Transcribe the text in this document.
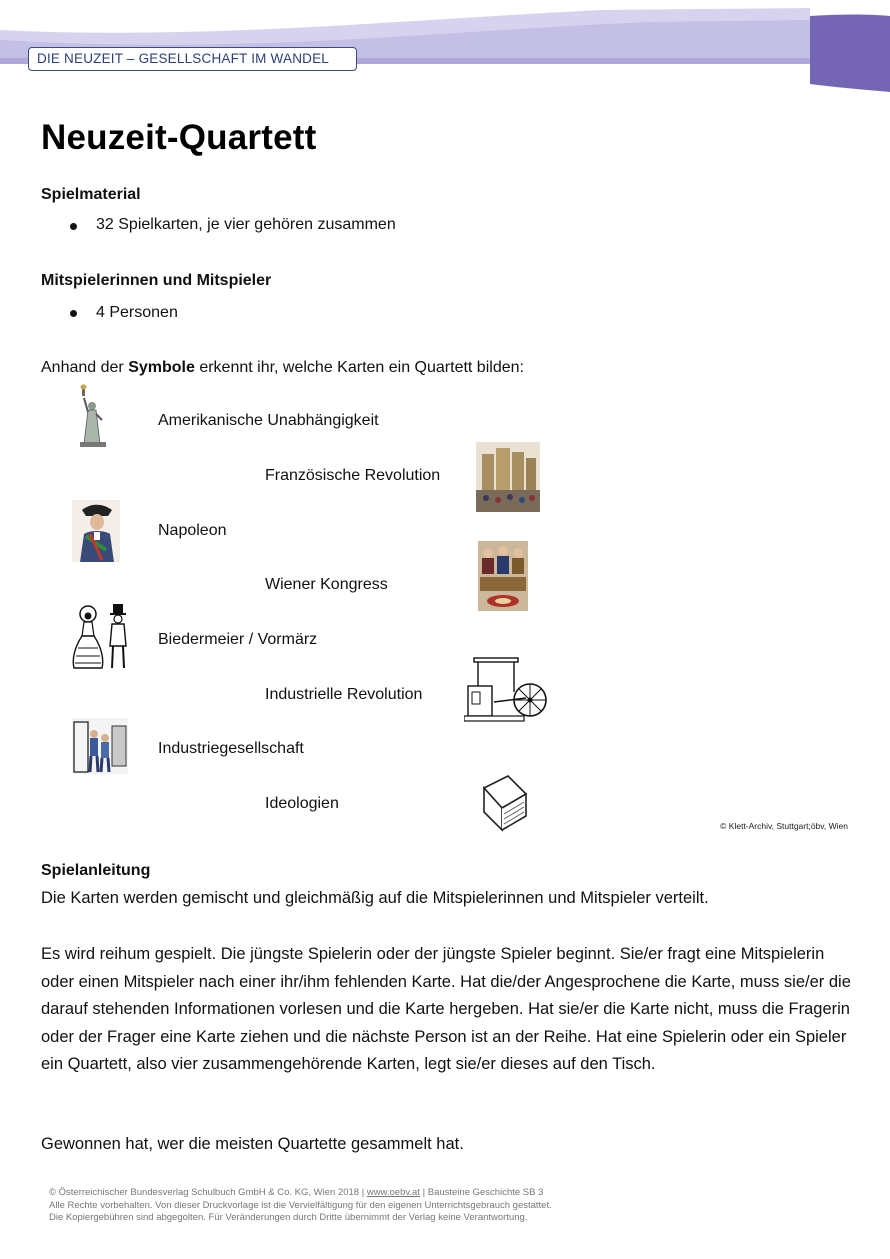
DIE NEUZEIT – GESELLSCHAFT IM WANDEL
Neuzeit-Quartett

Spielmaterial

32 Spielkarten, je vier gehören zusammen

Mitspielerinnen und Mitspieler

4 Personen

Anhand der Symbole erkennt ihr, welche Karten ein Quartett bilden:

Amerikanische Unabhängigkeit

Französische Revolution

Napoleon

Wiener Kongress

Biedermeier / Vormärz

Industrielle Revolution

Industriegesellschaft

Ideologien

© Klett-Archiv, Stuttgart;öbv, Wien

Spielanleitung

Die Karten werden gemischt und gleichmäßig auf die Mitspielerinnen und Mitspieler verteilt.

Es wird reihum gespielt. Die jüngste Spielerin oder der jüngste Spieler beginnt. Sie/er fragt eine Mitspielerin oder einen Mitspieler nach einer ihr/ihm fehlenden Karte. Hat die/der Angesprochene die Karte, muss sie/er die darauf stehenden Informationen vorlesen und die Karte hergeben. Hat sie/er die Karte nicht, muss die Fragerin oder der Frager eine Karte ziehen und die nächste Person ist an der Reihe. Hat eine Spielerin oder ein Spieler ein Quartett, also vier zusammengehörende Karten, legt sie/er dieses auf den Tisch.

Gewonnen hat, wer die meisten Quartette gesammelt hat.

© Österreichischer Bundesverlag Schulbuch GmbH & Co. KG, Wien 2018 | www.oebv.at | Bausteine Geschichte SB 3
Alle Rechte vorbehalten. Von dieser Druckvorlage ist die Vervielfältigung für den eigenen Unterrichtsgebrauch gestattet.
Die Kopiergebühren sind abgegolten. Für Veränderungen durch Dritte übernimmt der Verlag keine Verantwortung.
